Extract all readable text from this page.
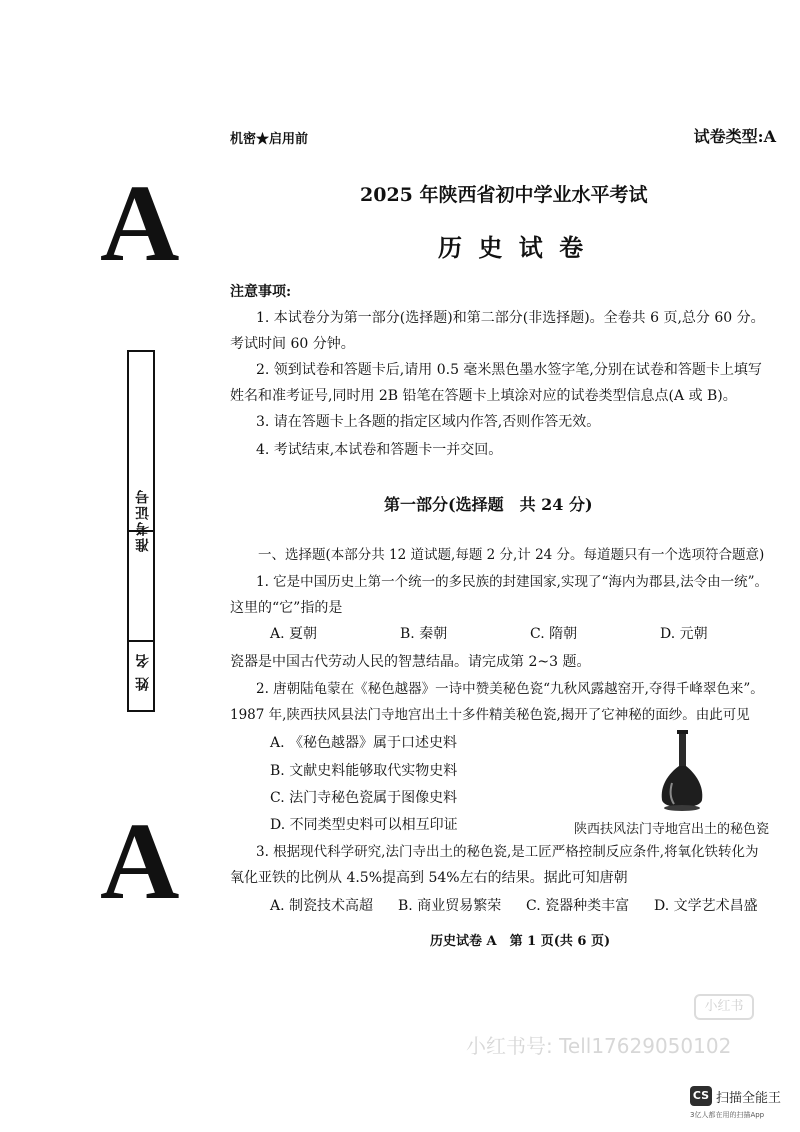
机密★启用前	试卷类型:A
A
准考证号
姓 名
A
2025 年陕西省初中学业水平考试
历 史 试 卷
注意事项:
1. 本试卷分为第一部分(选择题)和第二部分(非选择题)。全卷共 6 页,总分 60 分。
考试时间 60 分钟。
2. 领到试卷和答题卡后,请用 0.5 毫米黑色墨水签字笔,分别在试卷和答题卡上填写
姓名和准考证号,同时用 2B 铅笔在答题卡上填涂对应的试卷类型信息点(A 或 B)。
3. 请在答题卡上各题的指定区域内作答,否则作答无效。
4. 考试结束,本试卷和答题卡一并交回。
第一部分(选择题　共 24 分)
一、选择题(本部分共 12 道试题,每题 2 分,计 24 分。每道题只有一个选项符合题意)
1. 它是中国历史上第一个统一的多民族的封建国家,实现了“海内为郡县,法令由一统”。
这里的“它”指的是
A. 夏朝	B. 秦朝	C. 隋朝	D. 元朝
瓷器是中国古代劳动人民的智慧结晶。请完成第 2~3 题。
2. 唐朝陆龟蒙在《秘色越器》一诗中赞美秘色瓷“九秋风露越窑开,夺得千峰翠色来”。
1987 年,陕西扶风县法门寺地宫出土十多件精美秘色瓷,揭开了它神秘的面纱。由此可见
A. 《秘色越器》属于口述史料
B. 文献史料能够取代实物史料
C. 法门寺秘色瓷属于图像史料
D. 不同类型史料可以相互印证	陕西扶风法门寺地宫出土的秘色瓷
3. 根据现代科学研究,法门寺出土的秘色瓷,是工匠严格控制反应条件,将氧化铁转化为
氧化亚铁的比例从 4.5%提高到 54%左右的结果。据此可知唐朝
A. 制瓷技术高超 B. 商业贸易繁荣 C. 瓷器种类丰富 D. 文学艺术昌盛
历史试卷 A　第 1 页(共 6 页)
小红书
小红书号: Tell17629050102
CS 扫描全能王
3亿人都在用的扫描App
